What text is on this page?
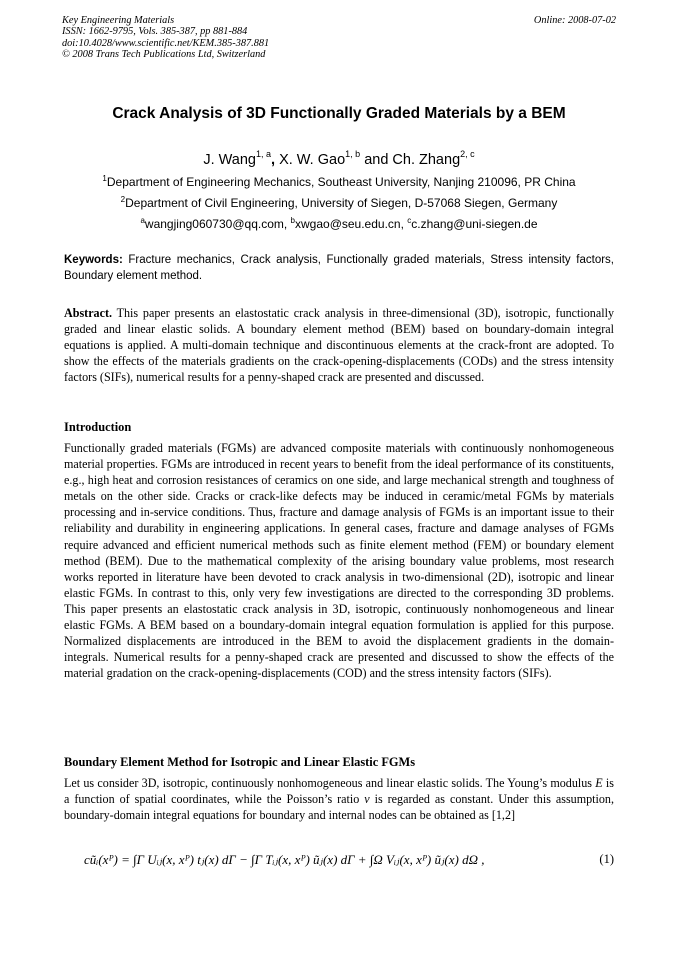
Key Engineering Materials
ISSN: 1662-9795, Vols. 385-387, pp 881-884
doi:10.4028/www.scientific.net/KEM.385-387.881
© 2008 Trans Tech Publications Ltd, Switzerland
Online: 2008-07-02
Crack Analysis of 3D Functionally Graded Materials by a BEM
J. Wang$^{1, a}$, X. W. Gao$^{1, b}$ and Ch. Zhang$^{2, c}$
$^1$Department of Engineering Mechanics, Southeast University, Nanjing 210096, PR China
$^2$Department of Civil Engineering, University of Siegen, D-57068 Siegen, Germany
$^a$wangjing060730@qq.com, $^b$xwgao@seu.edu.cn, $^c$c.zhang@uni-siegen.de
Keywords: Fracture mechanics, Crack analysis, Functionally graded materials, Stress intensity factors, Boundary element method.
Abstract. This paper presents an elastostatic crack analysis in three-dimensional (3D), isotropic, functionally graded and linear elastic solids. A boundary element method (BEM) based on boundary-domain integral equations is applied. A multi-domain technique and discontinuous elements at the crack-front are adopted. To show the effects of the materials gradients on the crack-opening-displacements (CODs) and the stress intensity factors (SIFs), numerical results for a penny-shaped crack are presented and discussed.
Introduction
Functionally graded materials (FGMs) are advanced composite materials with continuously nonhomogeneous material properties. FGMs are introduced in recent years to benefit from the ideal performance of its constituents, e.g., high heat and corrosion resistances of ceramics on one side, and large mechanical strength and toughness of metals on the other side. Cracks or crack-like defects may be induced in ceramic/metal FGMs by materials processing and in-service conditions. Thus, fracture and damage analysis of FGMs is an important issue to their reliability and durability in engineering applications. In general cases, fracture and damage analyses of FGMs require advanced and efficient numerical methods such as finite element method (FEM) or boundary element method (BEM). Due to the mathematical complexity of the arising boundary value problems, most research works reported in literature have been devoted to crack analysis in two-dimensional (2D), isotropic and linear elastic FGMs. In contrast to this, only very few investigations are directed to the corresponding 3D problems. This paper presents an elastostatic crack analysis in 3D, isotropic, continuously nonhomogeneous and linear elastic FGMs. A BEM based on a boundary-domain integral equation formulation is applied for this purpose. Normalized displacements are introduced in the BEM to avoid the displacement gradients in the domain-integrals. Numerical results for a penny-shaped crack are presented and discussed to show the effects of the material gradation on the crack-opening-displacements (COD) and the stress intensity factors (SIFs).
Boundary Element Method for Isotropic and Linear Elastic FGMs
Let us consider 3D, isotropic, continuously nonhomogeneous and linear elastic solids. The Young’s modulus E is a function of spatial coordinates, while the Poisson’s ratio ν is regarded as constant. Under this assumption, boundary-domain integral equations for boundary and internal nodes can be obtained as [1,2]
cũᵢ(xᴾ) = ∫Γ Uᵢⱼ(x, xᴾ) tⱼ(x) dΓ − ∫Γ Tᵢⱼ(x, xᴾ) ũⱼ(x) dΓ + ∫Ω Vᵢⱼ(x, xᴾ) ũⱼ(x) dΩ ,	(1)
